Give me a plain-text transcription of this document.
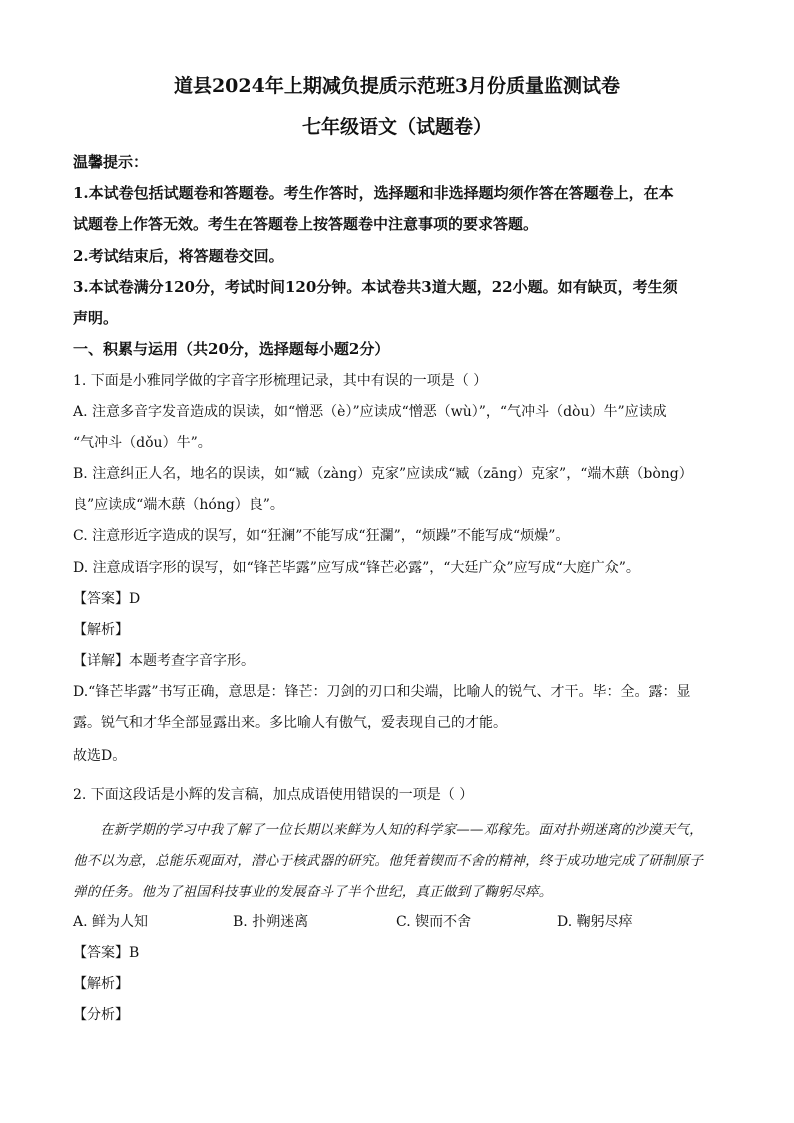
道县2024年上期减负提质示范班3月份质量监测试卷
七年级语文（试题卷）
温馨提示：
1.本试卷包括试题卷和答题卷。考生作答时，选择题和非选择题均须作答在答题卷上，在本
试题卷上作答无效。考生在答题卷上按答题卷中注意事项的要求答题。
2.考试结束后，将答题卷交回。
3.本试卷满分120分，考试时间120分钟。本试卷共3道大题，22小题。如有缺页，考生须
声明。
一、积累与运用（共20分，选择题每小题2分）
1. 下面是小雅同学做的字音字形梳理记录，其中有误的一项是（ ）
A. 注意多音字发音造成的误读，如“憎恶（è）”应读成“憎恶（wù）”，“气冲斗（dòu）牛”应读成
“气冲斗（dǒu）牛”。
B. 注意纠正人名，地名的误读，如“臧（zàng）克家”应读成“臧（zāng）克家”，“端木蕻（bòng）
良”应读成“端木蕻（hóng）良”。
C. 注意形近字造成的误写，如“狂澜”不能写成“狂瀾”，“烦躁”不能写成“烦燥”。
D. 注意成语字形的误写，如“锋芒毕露”应写成“锋芒必露”，“大廷广众”应写成“大庭广众”。
【答案】D
【解析】
【详解】本题考查字音字形。
D.“锋芒毕露”书写正确，意思是：锋芒：刀剑的刃口和尖端，比喻人的锐气、才干。毕：全。露：显
露。锐气和才华全部显露出来。多比喻人有傲气，爱表现自己的才能。
故选D。
2. 下面这段话是小辉的发言稿，加点成语使用错误的一项是（ ）
在新学期的学习中我了解了一位长期以来鲜为人知的科学家——邓稼先。面对扑朔迷离的沙漠天气，
他不以为意，总能乐观面对，潜心于核武器的研究。他凭着锲而不舍的精神，终于成功地完成了研制原子
弹的任务。他为了祖国科技事业的发展奋斗了半个世纪，真正做到了鞠躬尽瘁。
A. 鲜为人知	B. 扑朔迷离	C. 锲而不舍	D. 鞠躬尽瘁
【答案】B
【解析】
【分析】
